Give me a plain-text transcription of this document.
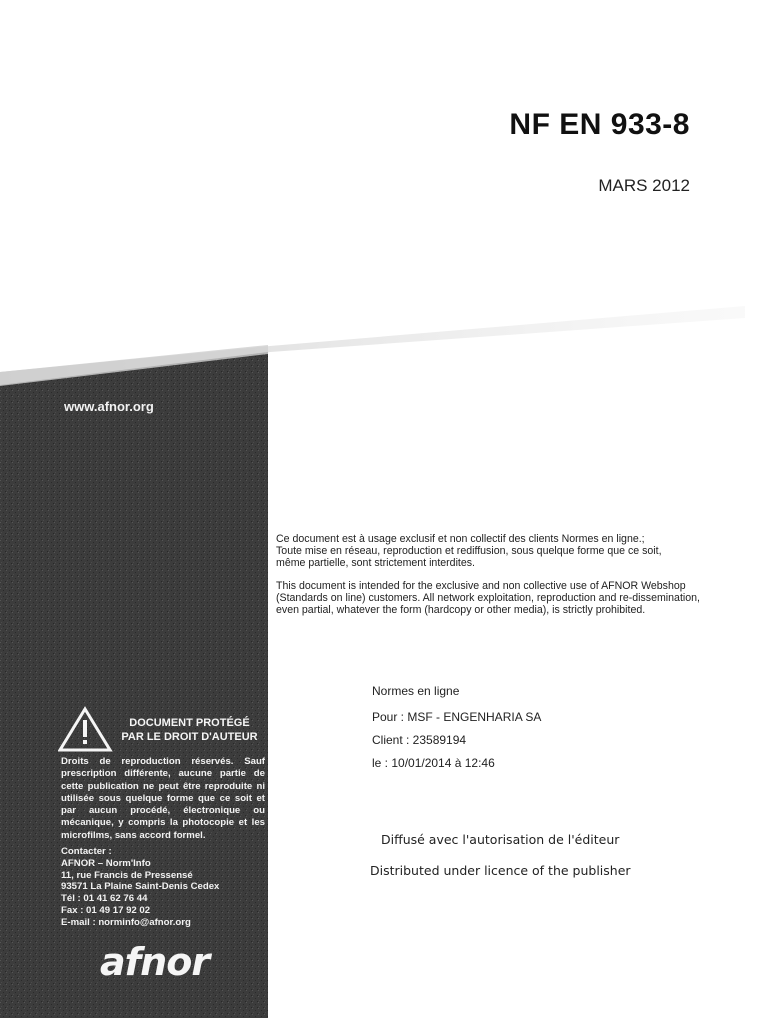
NF EN 933-8
MARS 2012
www.afnor.org
DOCUMENT PROTÉGÉ
PAR LE DROIT D'AUTEUR
Droits de reproduction réservés. Sauf prescription différente, aucune partie de cette publication ne peut être reproduite ni utilisée sous quelque forme que ce soit et par aucun procédé, électronique ou mécanique, y compris la photocopie et les microfilms, sans accord formel.
Contacter :
AFNOR – Norm'Info
11, rue Francis de Pressensé
93571 La Plaine Saint-Denis Cedex
Tél : 01 41 62 76 44
Fax : 01 49 17 92 02
E-mail : norminfo@afnor.org
afnor
Ce document est à usage exclusif et non collectif des clients Normes en ligne.;
Toute mise en réseau, reproduction et rediffusion, sous quelque forme que ce soit,
même partielle, sont strictement interdites.
This document is intended for the exclusive and non collective use of AFNOR Webshop
(Standards on line) customers. All network exploitation, reproduction and re-dissemination,
even partial, whatever the form (hardcopy or other media), is strictly prohibited.
Normes en ligne
Pour : MSF - ENGENHARIA SA
Client : 23589194
le : 10/01/2014 à 12:46
Diffusé avec l'autorisation de l'éditeur
Distributed under licence of the publisher
